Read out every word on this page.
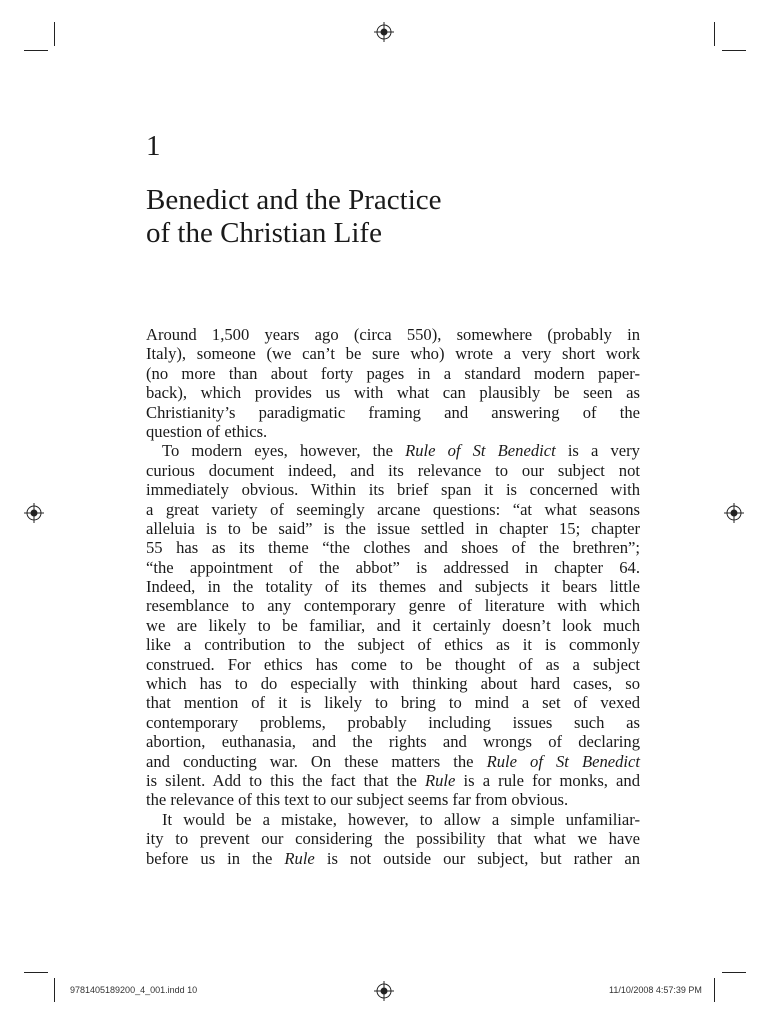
1
Benedict and the Practice
of the Christian Life
Around 1,500 years ago (circa 550), somewhere (probably in
Italy), someone (we can’t be sure who) wrote a very short work
(no more than about forty pages in a standard modern paper-
back), which provides us with what can plausibly be seen as
Christianity’s paradigmatic framing and answering of the
question of ethics.
To modern eyes, however, the Rule of St Benedict is a very
curious document indeed, and its relevance to our subject not
immediately obvious. Within its brief span it is concerned with
a great variety of seemingly arcane questions: “at what seasons
alleluia is to be said” is the issue settled in chapter 15; chapter
55 has as its theme “the clothes and shoes of the brethren”;
“the appointment of the abbot” is addressed in chapter 64.
Indeed, in the totality of its themes and subjects it bears little
resemblance to any contemporary genre of literature with which
we are likely to be familiar, and it certainly doesn’t look much
like a contribution to the subject of ethics as it is commonly
construed. For ethics has come to be thought of as a subject
which has to do especially with thinking about hard cases, so
that mention of it is likely to bring to mind a set of vexed
contemporary problems, probably including issues such as
abortion, euthanasia, and the rights and wrongs of declaring
and conducting war. On these matters the Rule of St Benedict
is silent. Add to this the fact that the Rule is a rule for monks, and
the relevance of this text to our subject seems far from obvious.
It would be a mistake, however, to allow a simple unfamiliar-
ity to prevent our considering the possibility that what we have
before us in the Rule is not outside our subject, but rather an
9781405189200_4_001.indd 10	11/10/2008 4:57:39 PM
